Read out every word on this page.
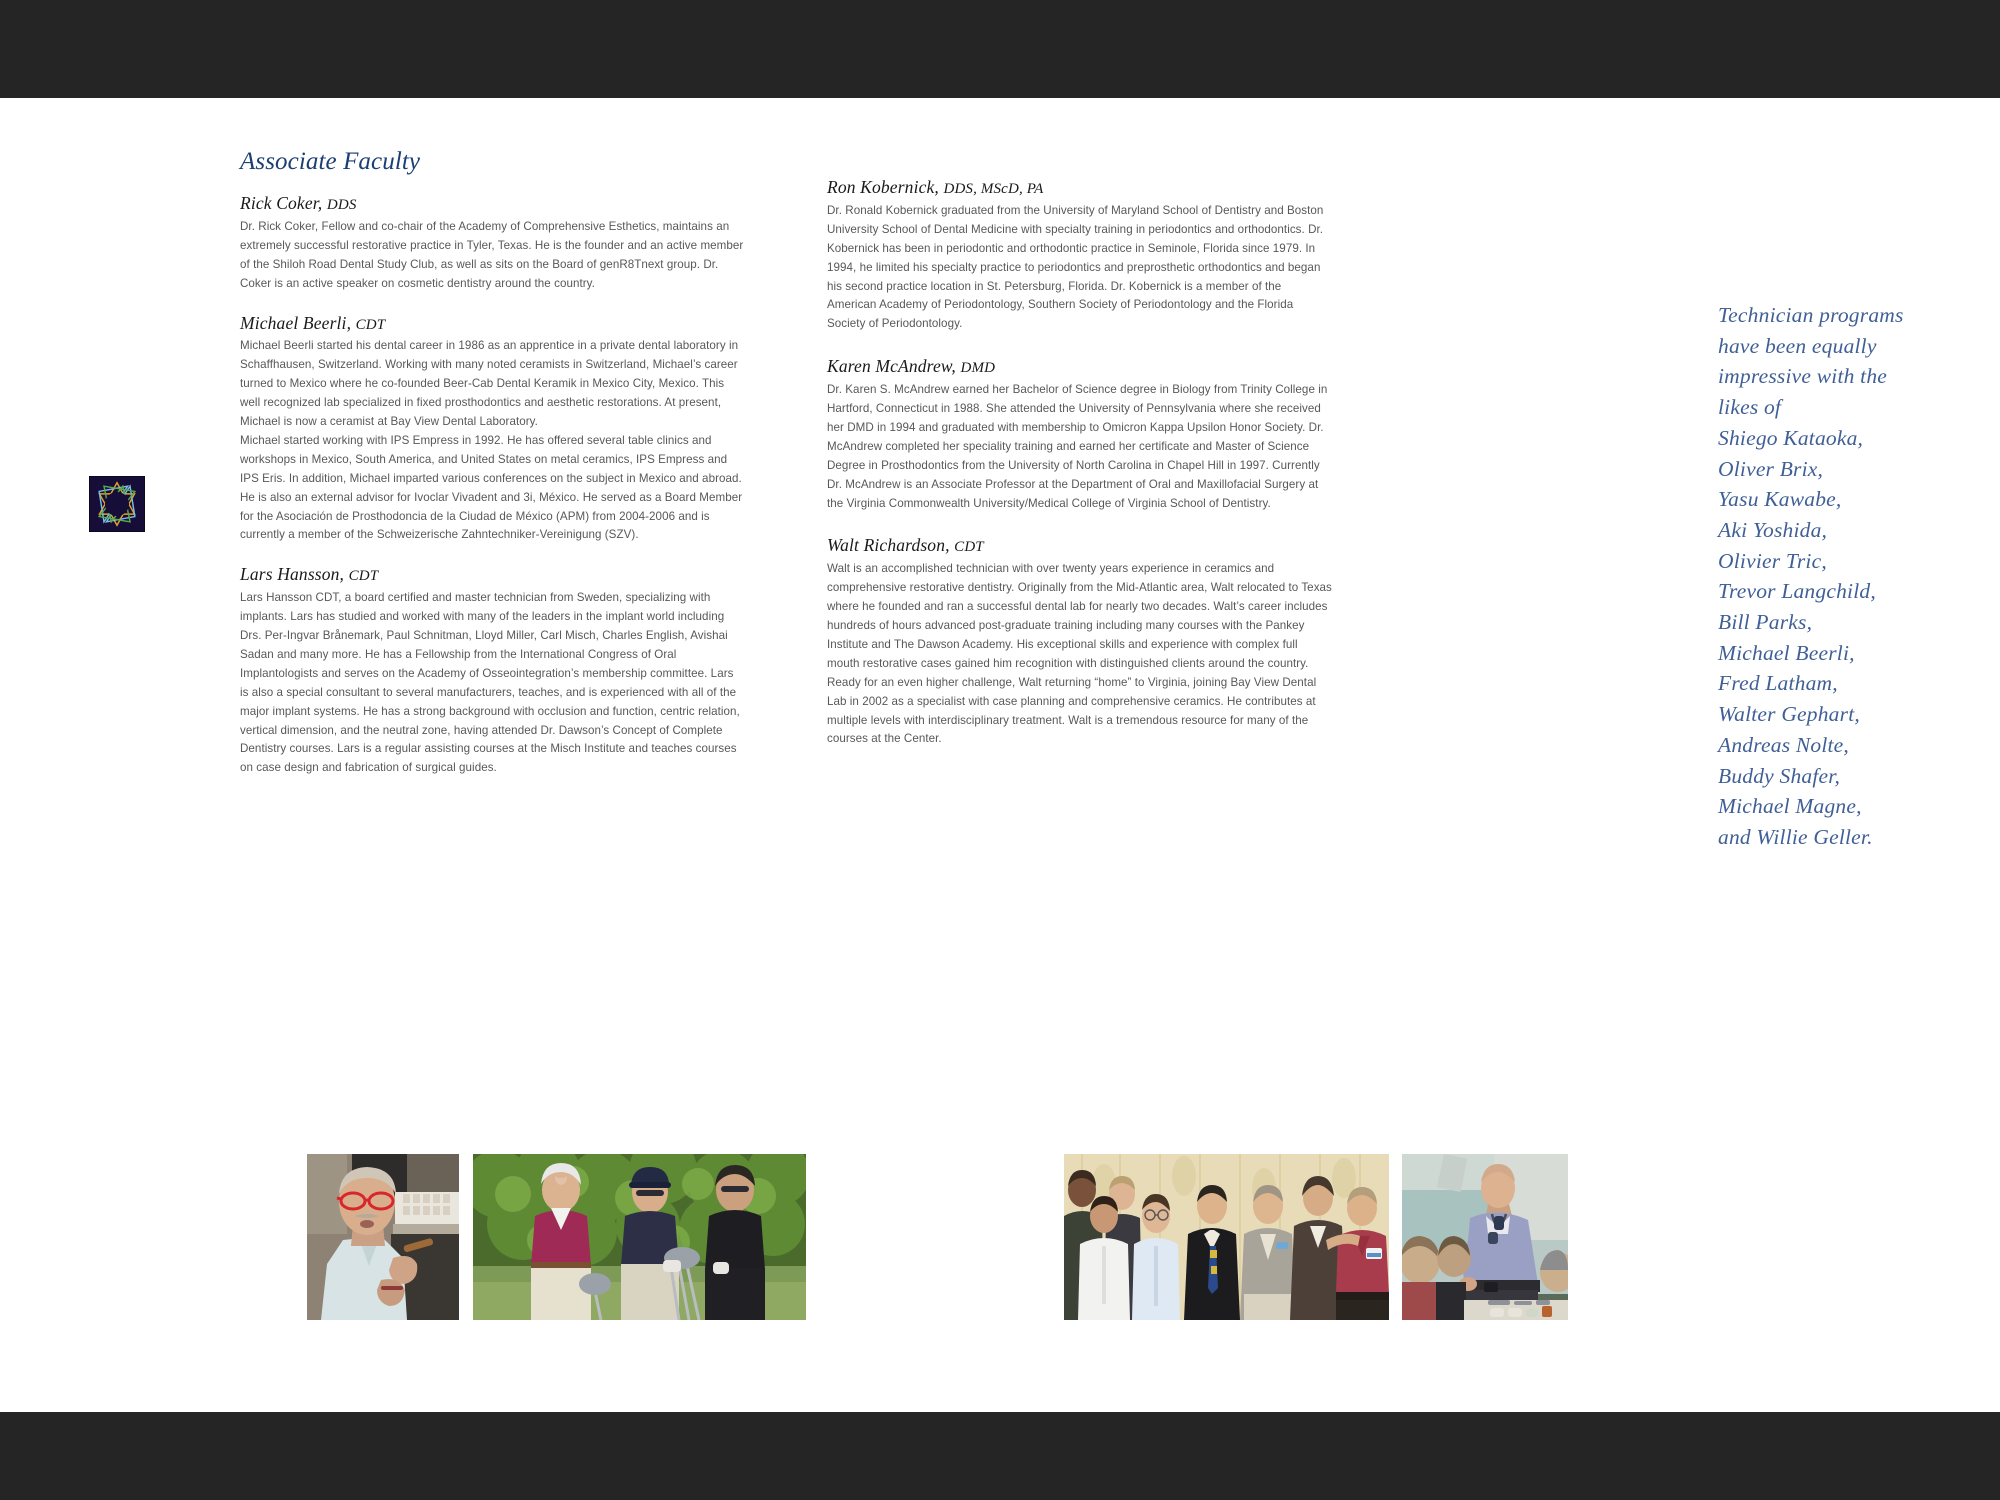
Associate Faculty
Rick Coker, DDS

Dr. Rick Coker, Fellow and co-chair of the Academy of Comprehensive Esthetics, maintains an extremely successful restorative practice in Tyler, Texas. He is the founder and an active member of the Shiloh Road Dental Study Club, as well as sits on the Board of genR8Tnext group. Dr. Coker is an active speaker on cosmetic dentistry around the country.

Michael Beerli, CDT

Michael Beerli started his dental career in 1986 as an apprentice in a private dental laboratory in Schaffhausen, Switzerland. Working with many noted ceramists in Switzerland, Michael’s career turned to Mexico where he co-founded Beer-Cab Dental Keramik in Mexico City, Mexico. This well recognized lab specialized in fixed prosthodontics and aesthetic restorations. At present, Michael is now a ceramist at Bay View Dental Laboratory.

Michael started working with IPS Empress in 1992. He has offered several table clinics and workshops in Mexico, South America, and United States on metal ceramics, IPS Empress and IPS Eris. In addition, Michael imparted various conferences on the subject in Mexico and abroad. He is also an external advisor for Ivoclar Vivadent and 3i, México. He served as a Board Member for the Asociación de Prosthodoncia de la Ciudad de México (APM) from 2004-2006 and is currently a member of the Schweizerische Zahntechniker-Vereinigung (SZV).

Lars Hansson, CDT

Lars Hansson CDT, a board certified and master technician from Sweden, specializing with implants. Lars has studied and worked with many of the leaders in the implant world including Drs. Per-Ingvar Brånemark, Paul Schnitman, Lloyd Miller, Carl Misch, Charles English, Avishai Sadan and many more. He has a Fellowship from the International Congress of Oral Implantologists and serves on the Academy of Osseointegration’s membership committee. Lars is also a special consultant to several manufacturers, teaches, and is experienced with all of the major implant systems. He has a strong background with occlusion and function, centric relation, vertical dimension, and the neutral zone, having attended Dr. Dawson’s Concept of Complete Dentistry courses. Lars is a regular assisting courses at the Misch Institute and teaches courses on case design and fabrication of surgical guides.

Ron Kobernick, DDS, MScD, PA

Dr. Ronald Kobernick graduated from the University of Maryland School of Dentistry and Boston University School of Dental Medicine with specialty training in periodontics and orthodontics. Dr. Kobernick has been in periodontic and orthodontic practice in Seminole, Florida since 1979. In 1994, he limited his specialty practice to periodontics and preprosthetic orthodontics and began his second practice location in St. Petersburg, Florida. Dr. Kobernick is a member of the American Academy of Periodontology, Southern Society of Periodontology and the Florida Society of Periodontology.

Karen McAndrew, DMD

Dr. Karen S. McAndrew earned her Bachelor of Science degree in Biology from Trinity College in Hartford, Connecticut in 1988. She attended the University of Pennsylvania where she received her DMD in 1994 and graduated with membership to Omicron Kappa Upsilon Honor Society. Dr. McAndrew completed her speciality training and earned her certificate and Master of Science Degree in Prosthodontics from the University of North Carolina in Chapel Hill in 1997. Currently Dr. McAndrew is an Associate Professor at the Department of Oral and Maxillofacial Surgery at the Virginia Commonwealth University/Medical College of Virginia School of Dentistry.

Walt Richardson, CDT

Walt is an accomplished technician with over twenty years experience in ceramics and comprehensive restorative dentistry. Originally from the Mid-Atlantic area, Walt relocated to Texas where he founded and ran a successful dental lab for nearly two decades. Walt’s career includes hundreds of hours advanced post-graduate training including many courses with the Pankey Institute and The Dawson Academy. His exceptional skills and experience with complex full mouth restorative cases gained him recognition with distinguished clients around the country. Ready for an even higher challenge, Walt returning “home” to Virginia, joining Bay View Dental Lab in 2002 as a specialist with case planning and comprehensive ceramics. He contributes at multiple levels with interdisciplinary treatment. Walt is a tremendous resource for many of the courses at the Center.

Technician programs
have been equally
impressive with the
likes of
Shiego Kataoka,
Oliver Brix,
Yasu Kawabe,
Aki Yoshida,
Olivier Tric,
Trevor Langchild,
Bill Parks,
Michael Beerli,
Fred Latham,
Walter Gephart,
Andreas Nolte,
Buddy Shafer,
Michael Magne,
and Willie Geller.
